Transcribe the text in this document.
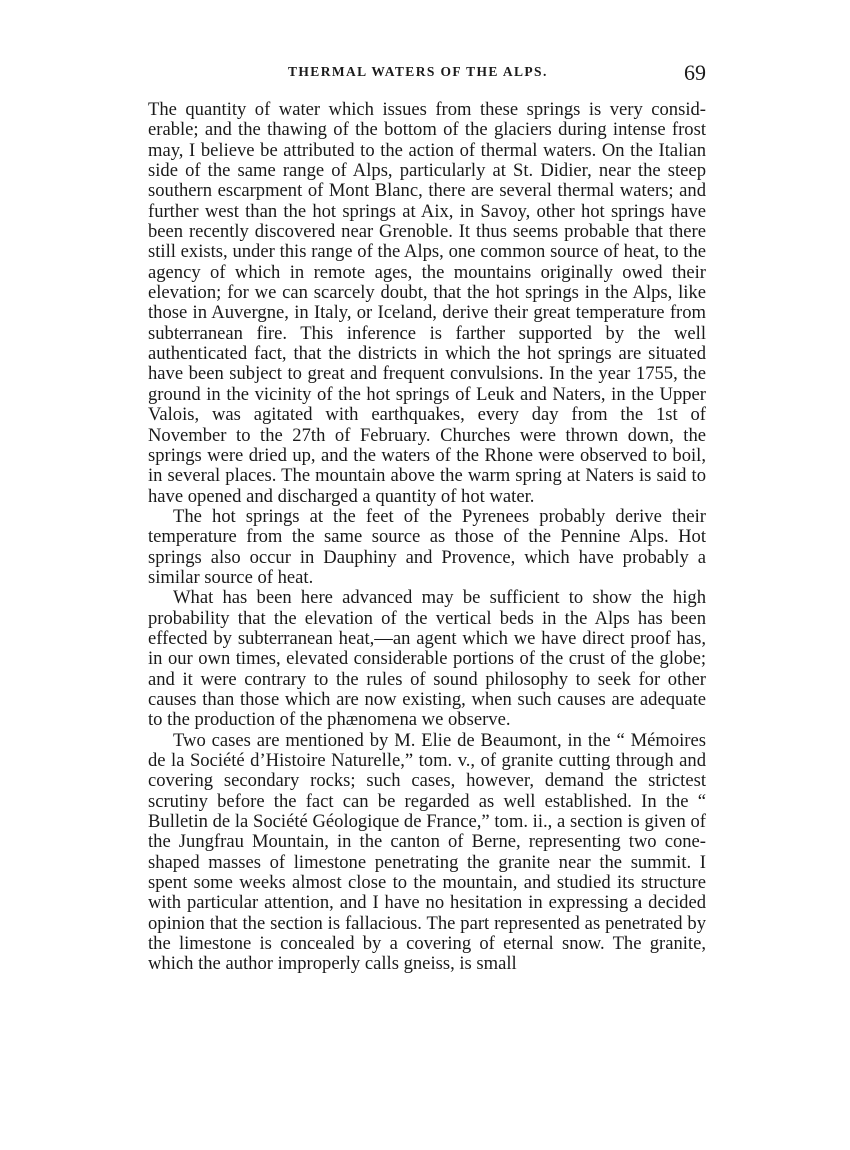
THERMAL WATERS OF THE ALPS.	69

The quantity of water which issues from these springs is very considerable; and the thawing of the bottom of the glaciers during intense frost may, I believe be attributed to the action of thermal waters. On the Italian side of the same range of Alps, particularly at St. Didier, near the steep southern escarpment of Mont Blanc, there are several thermal waters; and further west than the hot springs at Aix, in Savoy, other hot springs have been recently discovered near Grenoble. It thus seems probable that there still exists, under this range of the Alps, one common source of heat, to the agency of which in remote ages, the mountains originally owed their elevation; for we can scarcely doubt, that the hot springs in the Alps, like those in Auvergne, in Italy, or Iceland, derive their great temperature from subterranean fire. This inference is farther supported by the well authenticated fact, that the districts in which the hot springs are situated have been subject to great and frequent convulsions. In the year 1755, the ground in the vicinity of the hot springs of Leuk and Naters, in the Upper Valois, was agitated with earthquakes, every day from the 1st of November to the 27th of February. Churches were thrown down, the springs were dried up, and the waters of the Rhone were observed to boil, in several places. The mountain above the warm spring at Naters is said to have opened and discharged a quantity of hot water.

The hot springs at the feet of the Pyrenees probably derive their temperature from the same source as those of the Pennine Alps. Hot springs also occur in Dauphiny and Provence, which have probably a similar source of heat.

What has been here advanced may be sufficient to show the high probability that the elevation of the vertical beds in the Alps has been effected by subterranean heat,—an agent which we have direct proof has, in our own times, elevated considerable portions of the crust of the globe; and it were contrary to the rules of sound philosophy to seek for other causes than those which are now existing, when such causes are adequate to the production of the phænomena we observe.

Two cases are mentioned by M. Elie de Beaumont, in the “ Mémoires de la Société d’Histoire Naturelle,” tom. v., of granite cutting through and covering secondary rocks; such cases, however, demand the strictest scrutiny before the fact can be regarded as well established. In the “ Bulletin de la Société Géologique de France,” tom. ii., a section is given of the Jungfrau Mountain, in the canton of Berne, representing two cone-shaped masses of limestone penetrating the granite near the summit. I spent some weeks almost close to the mountain, and studied its structure with particular attention, and I have no hesitation in expressing a decided opinion that the section is fallacious. The part represented as penetrated by the limestone is concealed by a covering of eternal snow. The granite, which the author improperly calls gneiss, is small
